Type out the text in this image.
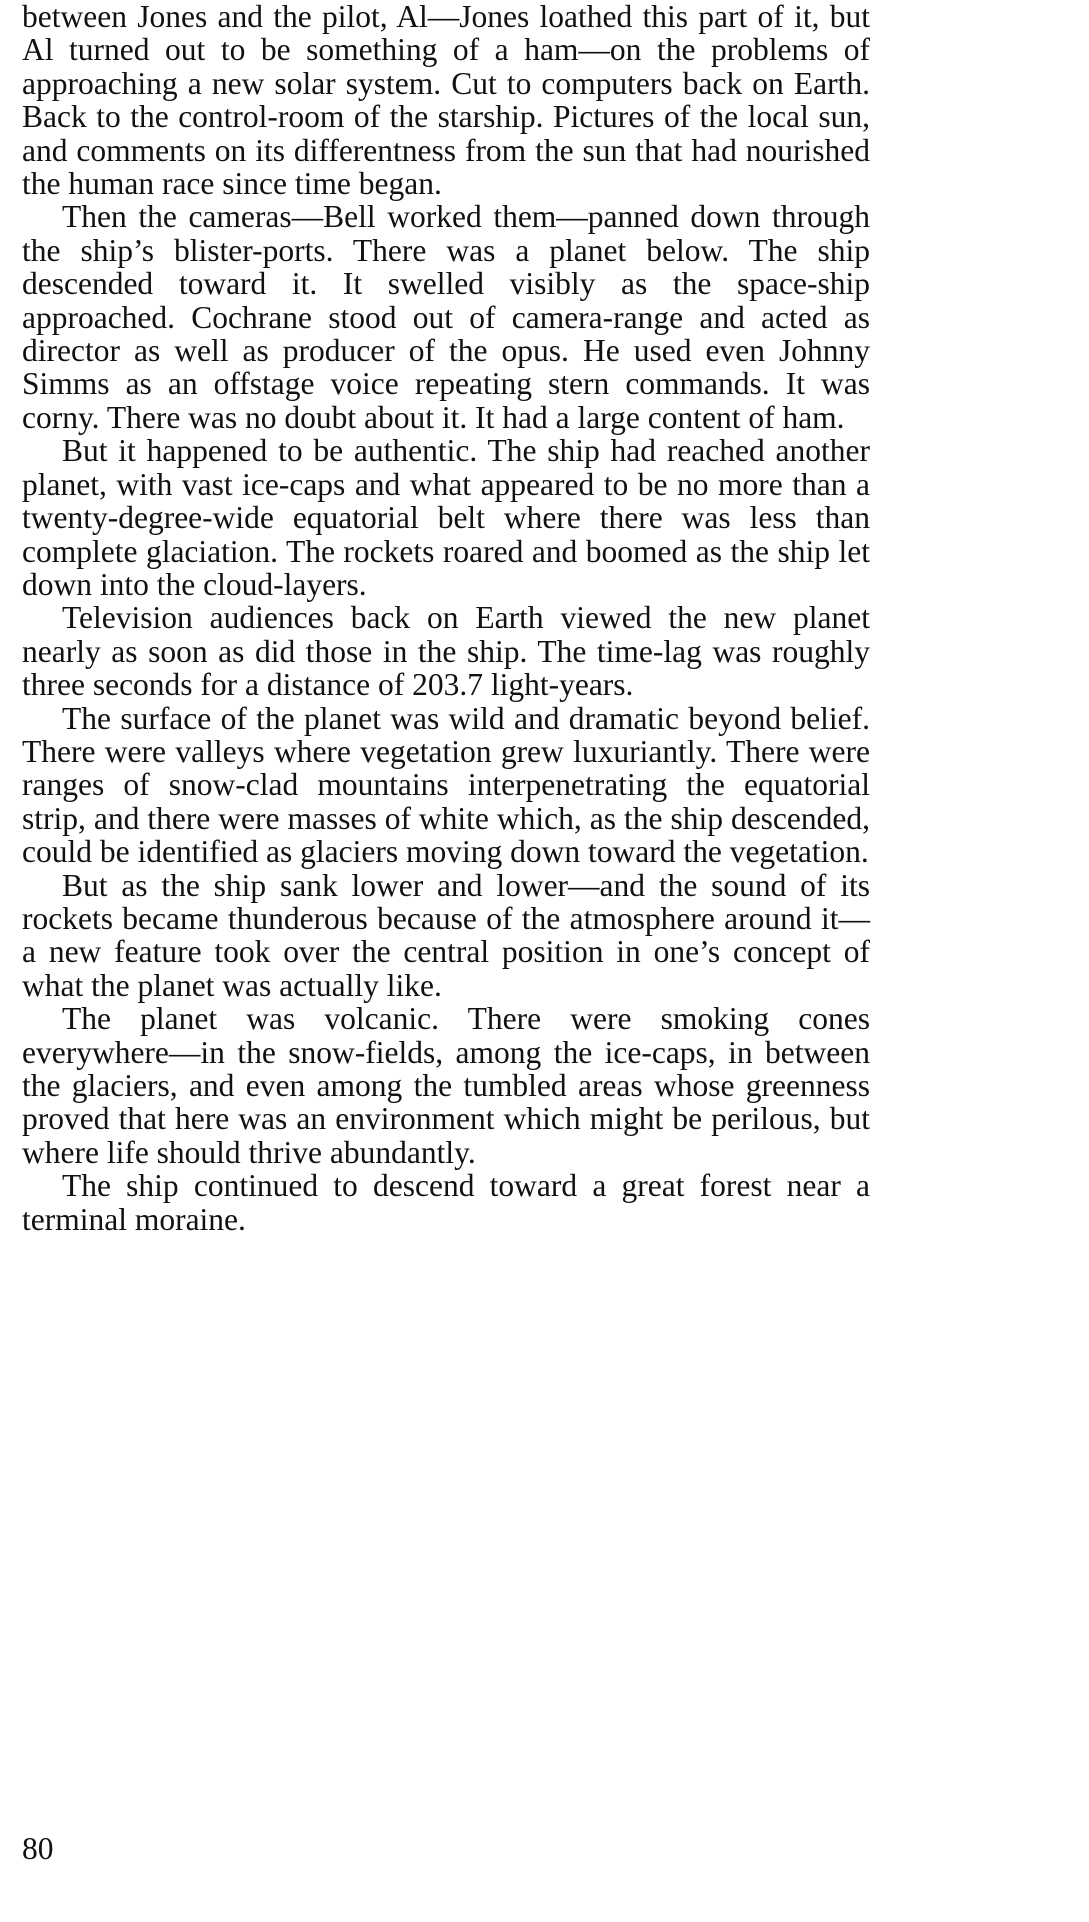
between Jones and the pilot, Al—Jones loathed this part of it, but Al turned out to be something of a ham—on the problems of approaching a new solar system. Cut to computers back on Earth. Back to the control-room of the starship. Pictures of the local sun, and comments on its differentness from the sun that had nourished the human race since time began.

Then the cameras—Bell worked them—panned down through the ship’s blister-ports. There was a planet below. The ship descended toward it. It swelled visibly as the space-ship approached. Cochrane stood out of camera-range and acted as director as well as producer of the opus. He used even Johnny Simms as an offstage voice repeating stern commands. It was corny. There was no doubt about it. It had a large content of ham.

But it happened to be authentic. The ship had reached another planet, with vast ice-caps and what appeared to be no more than a twenty-degree-wide equatorial belt where there was less than complete glaciation. The rockets roared and boomed as the ship let down into the cloud-layers.

Television audiences back on Earth viewed the new planet nearly as soon as did those in the ship. The time-lag was roughly three seconds for a distance of 203.7 light-years.

The surface of the planet was wild and dramatic beyond belief. There were valleys where vegetation grew luxuriantly. There were ranges of snow-clad mountains interpenetrating the equatorial strip, and there were masses of white which, as the ship descended, could be identified as glaciers moving down toward the vegetation.

But as the ship sank lower and lower—and the sound of its rockets became thunderous because of the atmosphere around it—a new feature took over the central position in one’s concept of what the planet was actually like.

The planet was volcanic. There were smoking cones everywhere—in the snow-fields, among the ice-caps, in between the glaciers, and even among the tumbled areas whose greenness proved that here was an environment which might be perilous, but where life should thrive abundantly.

The ship continued to descend toward a great forest near a terminal moraine.

80
